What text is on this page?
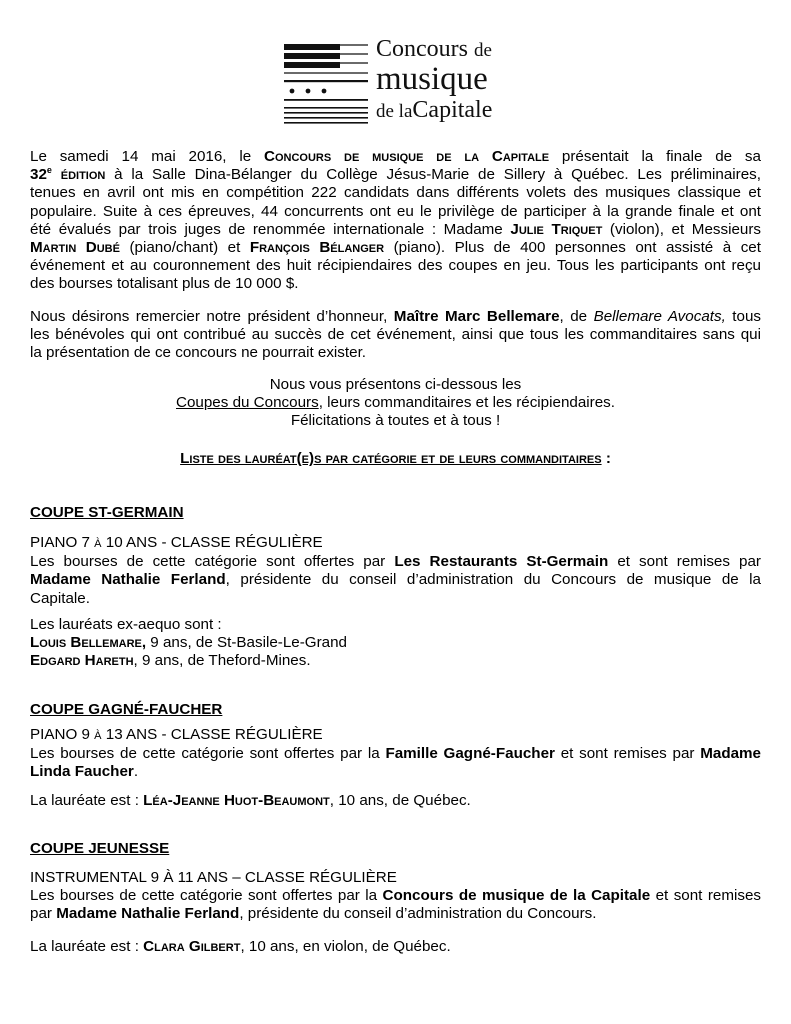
Concours de
musique
de laCapitale
Le samedi 14 mai 2016, le Concours de musique de la Capitale présentait la finale de sa
32e édition à la Salle Dina-Bélanger du Collège Jésus-Marie de Sillery à Québec. Les préliminaires,
tenues en avril ont mis en compétition 222 candidats dans différents volets des musiques classique et
populaire. Suite à ces épreuves, 44 concurrents ont eu le privilège de participer à la grande finale et ont
été évalués par trois juges de renommée internationale : Madame Julie Triquet (violon), et Messieurs
Martin Dubé (piano/chant) et François Bélanger (piano). Plus de 400 personnes ont assisté à cet
événement et au couronnement des huit récipiendaires des coupes en jeu. Tous les participants ont reçu
des bourses totalisant plus de 10 000 $.
Nous désirons remercier notre président d’honneur, Maître Marc Bellemare, de Bellemare Avocats, tous
les bénévoles qui ont contribué au succès de cet événement, ainsi que tous les commanditaires sans qui
la présentation de ce concours ne pourrait exister.
Nous vous présentons ci-dessous les
Coupes du Concours, leurs commanditaires et les récipiendaires.
Félicitations à toutes et à tous !
Liste des lauréat(e)s par catégorie et de leurs commanditaires :
COUPE ST-GERMAIN
PIANO 7 À 10 ANS - CLASSE RÉGULIÈRE
Les bourses de cette catégorie sont offertes par Les Restaurants St-Germain et sont remises par
Madame Nathalie Ferland, présidente du conseil d’administration du Concours de musique de la
Capitale.
Les lauréats ex-aequo sont :
Louis Bellemare, 9 ans, de St-Basile-Le-Grand
Edgard Hareth, 9 ans, de Theford-Mines.
COUPE GAGNÉ-FAUCHER
PIANO 9 À 13 ANS - CLASSE RÉGULIÈRE
Les bourses de cette catégorie sont offertes par la Famille Gagné-Faucher et sont remises par Madame
Linda Faucher.
La lauréate est : Léa-Jeanne Huot-Beaumont, 10 ans, de Québec.
COUPE JEUNESSE
INSTRUMENTAL 9 À 11 ANS – CLASSE RÉGULIÈRE
Les bourses de cette catégorie sont offertes par la Concours de musique de la Capitale et sont remises
par Madame Nathalie Ferland, présidente du conseil d’administration du Concours.
La lauréate est : Clara Gilbert, 10 ans, en violon, de Québec.
